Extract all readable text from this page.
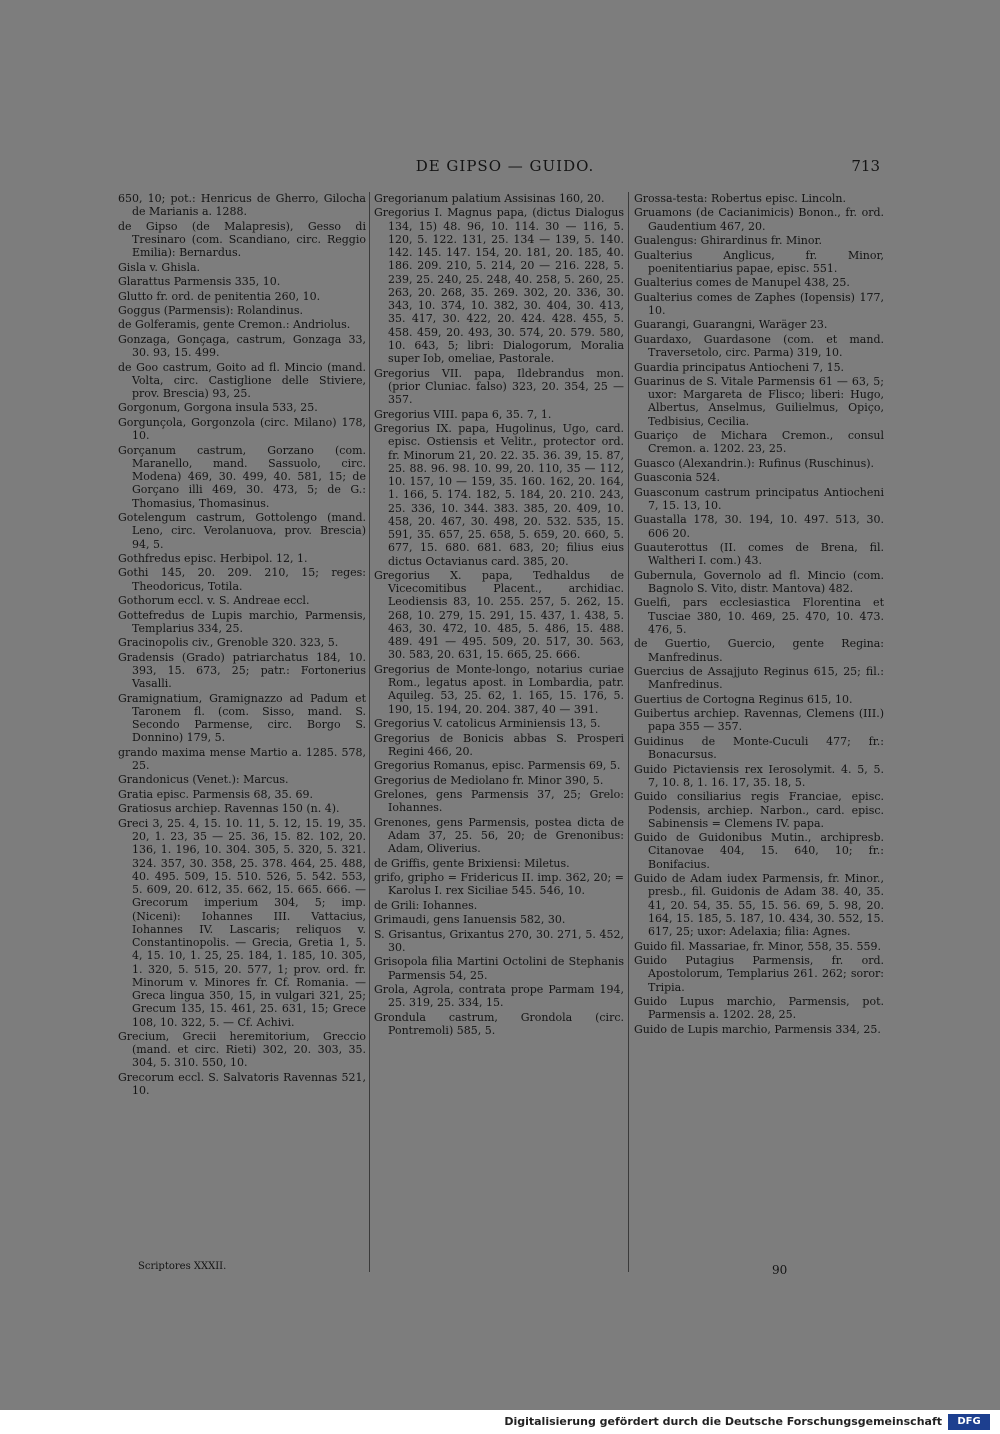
DE GIPSO — GUIDO.	713

650, 10; pot.: Henricus de Gherro, Gilocha de Marianis a. 1288.

de Gipso (de Malapresis), Gesso di Tresinaro (com. Scandiano, circ. Reggio Emilia): Bernardus.

Gisla v. Ghisla.

Glarattus Parmensis 335, 10.

Glutto fr. ord. de penitentia 260, 10.

Goggus (Parmensis): Rolandinus.

de Golferamis, gente Cremon.: Andriolus.

Gonzaga, Gonçaga, castrum, Gonzaga 33, 30. 93, 15. 499.

de Goo castrum, Goito ad fl. Mincio (mand. Volta, circ. Castiglione delle Stiviere, prov. Brescia) 93, 25.

Gorgonum, Gorgona insula 533, 25.

Gorgunçola, Gorgonzola (circ. Milano) 178, 10.

Gorçanum castrum, Gorzano (com. Maranello, mand. Sassuolo, circ. Modena) 469, 30. 499, 40. 581, 15; de Gorçano illi 469, 30. 473, 5; de G.: Thomasius, Thomasinus.

Gotelengum castrum, Gottolengo (mand. Leno, circ. Verolanuova, prov. Brescia) 94, 5.

Gothfredus episc. Herbipol. 12, 1.

Gothi 145, 20. 209. 210, 15; reges: Theodoricus, Totila.

Gothorum eccl. v. S. Andreae eccl.

Gottefredus de Lupis marchio, Parmensis, Templarius 334, 25.

Gracinopolis civ., Grenoble 320. 323, 5.

Gradensis (Grado) patriarchatus 184, 10. 393, 15. 673, 25; patr.: Fortonerius Vasalli.

Gramignatium, Gramignazzo ad Padum et Taronem fl. (com. Sisso, mand. S. Secondo Parmense, circ. Borgo S. Donnino) 179, 5.

grando maxima mense Martio a. 1285. 578, 25.

Grandonicus (Venet.): Marcus.

Gratia episc. Parmensis 68, 35. 69.

Gratiosus archiep. Ravennas 150 (n. 4).

Greci 3, 25. 4, 15. 10. 11, 5. 12, 15. 19, 35. 20, 1. 23, 35 — 25. 36, 15. 82. 102, 20. 136, 1. 196, 10. 304. 305, 5. 320, 5. 321. 324. 357, 30. 358, 25. 378. 464, 25. 488, 40. 495. 509, 15. 510. 526, 5. 542. 553, 5. 609, 20. 612, 35. 662, 15. 665. 666. — Grecorum imperium 304, 5; imp. (Niceni): Iohannes III. Vattacius, Iohannes IV. Lascaris; reliquos v. Constantinopolis. — Grecia, Gretia 1, 5. 4, 15. 10, 1. 25, 25. 184, 1. 185, 10. 305, 1. 320, 5. 515, 20. 577, 1; prov. ord. fr. Minorum v. Minores fr. Cf. Romania. — Greca lingua 350, 15, in vulgari 321, 25; Grecum 135, 15. 461, 25. 631, 15; Grece 108, 10. 322, 5. — Cf. Achivi.

Grecium, Grecii heremitorium, Greccio (mand. et circ. Rieti) 302, 20. 303, 35. 304, 5. 310. 550, 10.

Grecorum eccl. S. Salvatoris Ravennas 521, 10.

Gregorianum palatium Assisinas 160, 20.

Gregorius I. Magnus papa, (dictus Dialogus 134, 15) 48. 96, 10. 114. 30 — 116, 5. 120, 5. 122. 131, 25. 134 — 139, 5. 140. 142. 145. 147. 154, 20. 181, 20. 185, 40. 186. 209. 210, 5. 214, 20 — 216. 228, 5. 239, 25. 240, 25. 248, 40. 258, 5. 260, 25. 263, 20. 268, 35. 269. 302, 20. 336, 30. 343, 10. 374, 10. 382, 30. 404, 30. 413, 35. 417, 30. 422, 20. 424. 428. 455, 5. 458. 459, 20. 493, 30. 574, 20. 579. 580, 10. 643, 5; libri: Dialogorum, Moralia super Iob, omeliae, Pastorale.

Gregorius VII. papa, Ildebrandus mon. (prior Cluniac. falso) 323, 20. 354, 25 — 357.

Gregorius VIII. papa 6, 35. 7, 1.

Gregorius IX. papa, Hugolinus, Ugo, card. episc. Ostiensis et Velitr., protector ord. fr. Minorum 21, 20. 22. 35. 36. 39, 15. 87, 25. 88. 96. 98. 10. 99, 20. 110, 35 — 112, 10. 157, 10 — 159, 35. 160. 162, 20. 164, 1. 166, 5. 174. 182, 5. 184, 20. 210. 243, 25. 336, 10. 344. 383. 385, 20. 409, 10. 458, 20. 467, 30. 498, 20. 532. 535, 15. 591, 35. 657, 25. 658, 5. 659, 20. 660, 5. 677, 15. 680. 681. 683, 20; filius eius dictus Octavianus card. 385, 20.

Gregorius X. papa, Tedhaldus de Vicecomitibus Placent., archidiac. Leodiensis 83, 10. 255. 257, 5. 262, 15. 268, 10. 279, 15. 291, 15. 437, 1. 438, 5. 463, 30. 472, 10. 485, 5. 486, 15. 488. 489. 491 — 495. 509, 20. 517, 30. 563, 30. 583, 20. 631, 15. 665, 25. 666.

Gregorius de Monte-longo, notarius curiae Rom., legatus apost. in Lombardia, patr. Aquileg. 53, 25. 62, 1. 165, 15. 176, 5. 190, 15. 194, 20. 204. 387, 40 — 391.

Gregorius V. catolicus Arminiensis 13, 5.

Gregorius de Bonicis abbas S. Prosperi Regini 466, 20.

Gregorius Romanus, episc. Parmensis 69, 5.

Gregorius de Mediolano fr. Minor 390, 5.

Grelones, gens Parmensis 37, 25; Grelo: Iohannes.

Grenones, gens Parmensis, postea dicta de Adam 37, 25. 56, 20; de Grenonibus: Adam, Oliverius.

de Griffis, gente Brixiensi: Miletus.

grifo, gripho = Fridericus II. imp. 362, 20; = Karolus I. rex Siciliae 545. 546, 10.

de Grili: Iohannes.

Grimaudi, gens Ianuensis 582, 30.

S. Grisantus, Grixantus 270, 30. 271, 5. 452, 30.

Grisopola filia Martini Octolini de Stephanis Parmensis 54, 25.

Grola, Agrola, contrata prope Parmam 194, 25. 319, 25. 334, 15.

Grondula castrum, Grondola (circ. Pontremoli) 585, 5.

Grossa-testa: Robertus episc. Lincoln.

Gruamons (de Cacianimicis) Bonon., fr. ord. Gaudentium 467, 20.

Gualengus: Ghirardinus fr. Minor.

Gualterius Anglicus, fr. Minor, poenitentiarius papae, episc. 551.

Gualterius comes de Manupel 438, 25.

Gualterius comes de Zaphes (Iopensis) 177, 10.

Guarangi, Guarangni, Waräger 23.

Guardaxo, Guardasone (com. et mand. Traversetolo, circ. Parma) 319, 10.

Guardia principatus Antiocheni 7, 15.

Guarinus de S. Vitale Parmensis 61 — 63, 5; uxor: Margareta de Flisco; liberi: Hugo, Albertus, Anselmus, Guilielmus, Opiço, Tedbisius, Cecilia.

Guariço de Michara Cremon., consul Cremon. a. 1202. 23, 25.

Guasco (Alexandrin.): Rufinus (Ruschinus).

Guasconia 524.

Guasconum castrum principatus Antiocheni 7, 15. 13, 10.

Guastalla 178, 30. 194, 10. 497. 513, 30. 606 20.

Guauterottus (II. comes de Brena, fil. Waltheri I. com.) 43.

Gubernula, Governolo ad fl. Mincio (com. Bagnolo S. Vito, distr. Mantova) 482.

Guelfi, pars ecclesiastica Florentina et Tusciae 380, 10. 469, 25. 470, 10. 473. 476, 5.

de Guertio, Guercio, gente Regina: Manfredinus.

Guercius de Assajjuto Reginus 615, 25; fil.: Manfredinus.

Guertius de Cortogna Reginus 615, 10.

Guibertus archiep. Ravennas, Clemens (III.) papa 355 — 357.

Guidinus de Monte-Cuculi 477; fr.: Bonacursus.

Guido Pictaviensis rex Ierosolymit. 4. 5, 5. 7, 10. 8, 1. 16. 17, 35. 18, 5.

Guido consiliarius regis Franciae, episc. Podensis, archiep. Narbon., card. episc. Sabinensis = Clemens IV. papa.

Guido de Guidonibus Mutin., archipresb. Citanovae 404, 15. 640, 10; fr.: Bonifacius.

Guido de Adam iudex Parmensis, fr. Minor., presb., fil. Guidonis de Adam 38. 40, 35. 41, 20. 54, 35. 55, 15. 56. 69, 5. 98, 20. 164, 15. 185, 5. 187, 10. 434, 30. 552, 15. 617, 25; uxor: Adelaxia; filia: Agnes.

Guido fil. Massariae, fr. Minor, 558, 35. 559.

Guido Putagius Parmensis, fr. ord. Apostolorum, Templarius 261. 262; soror: Tripia.

Guido Lupus marchio, Parmensis, pot. Parmensis a. 1202. 28, 25.

Guido de Lupis marchio, Parmensis 334, 25.

Scriptores XXXII.	90
Digitalisierung gefördert durch die Deutsche Forschungsgemeinschaft	DFG
